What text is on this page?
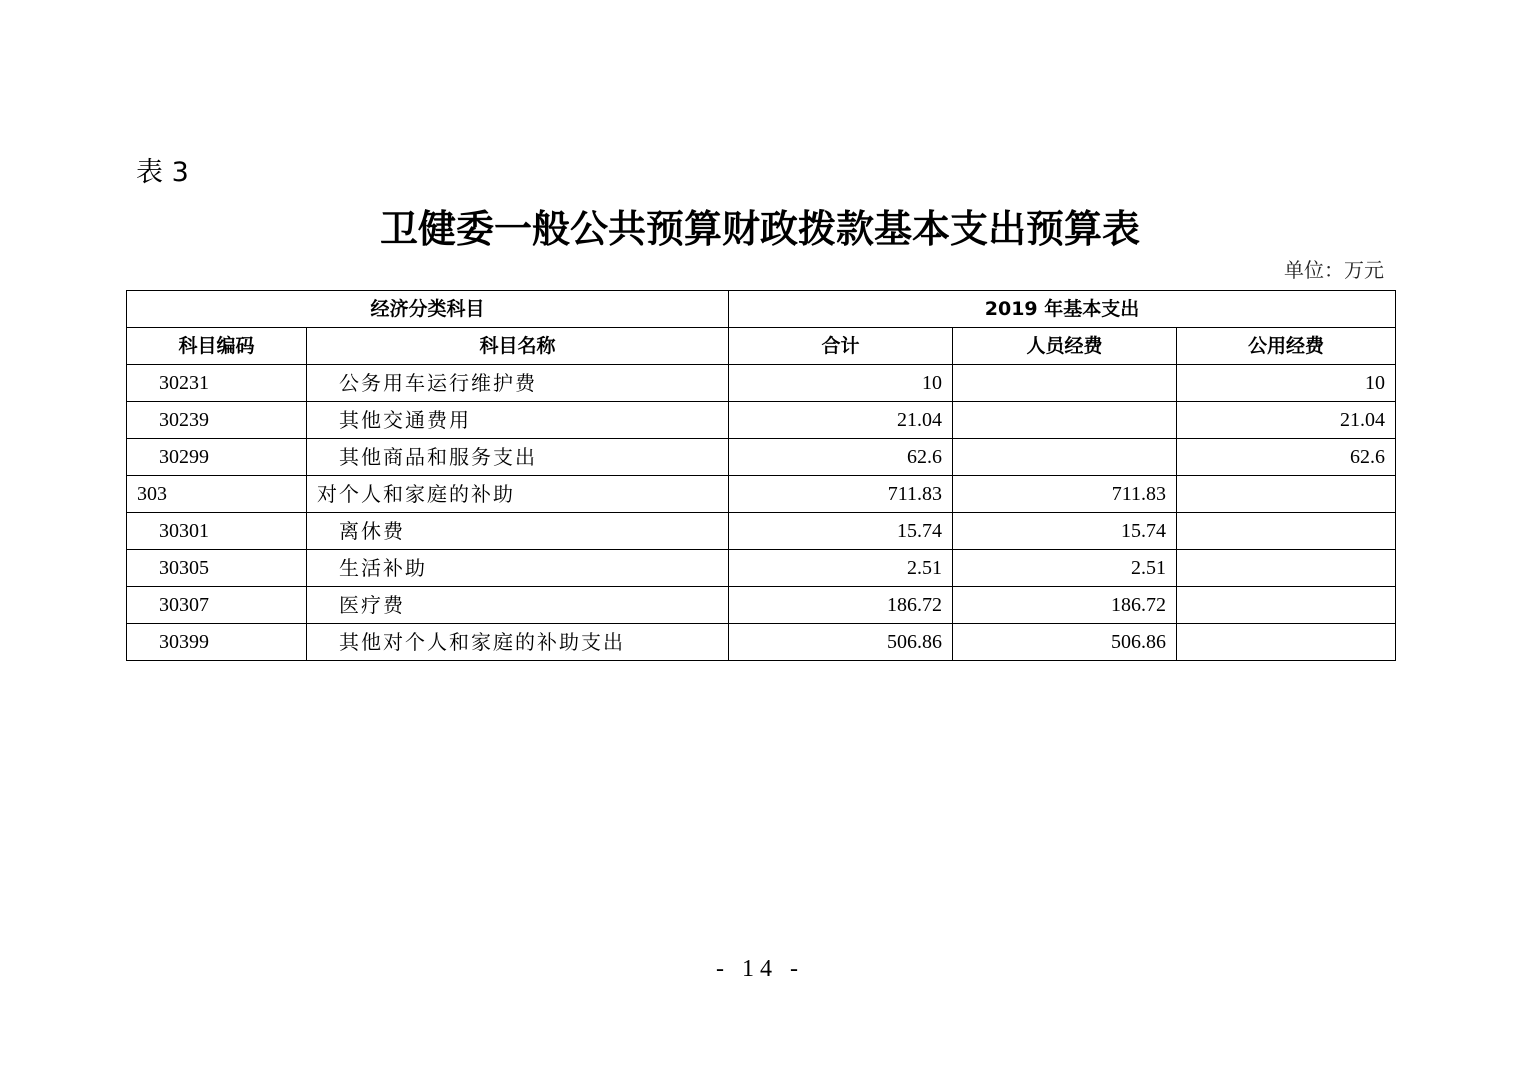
表 3
卫健委一般公共预算财政拨款基本支出预算表
单位：万元
经济分类科目		2019 年基本支出		
科目编码	科目名称	合计	人员经费	公用经费
30231	公务用车运行维护费	10		10
30239	其他交通费用	21.04		21.04
30299	其他商品和服务支出	62.6		62.6
303	对个人和家庭的补助	711.83	711.83	
30301	离休费	15.74	15.74	
30305	生活补助	2.51	2.51	
30307	医疗费	186.72	186.72	
30399	其他对个人和家庭的补助支出	506.86	506.86	
- 14 -
